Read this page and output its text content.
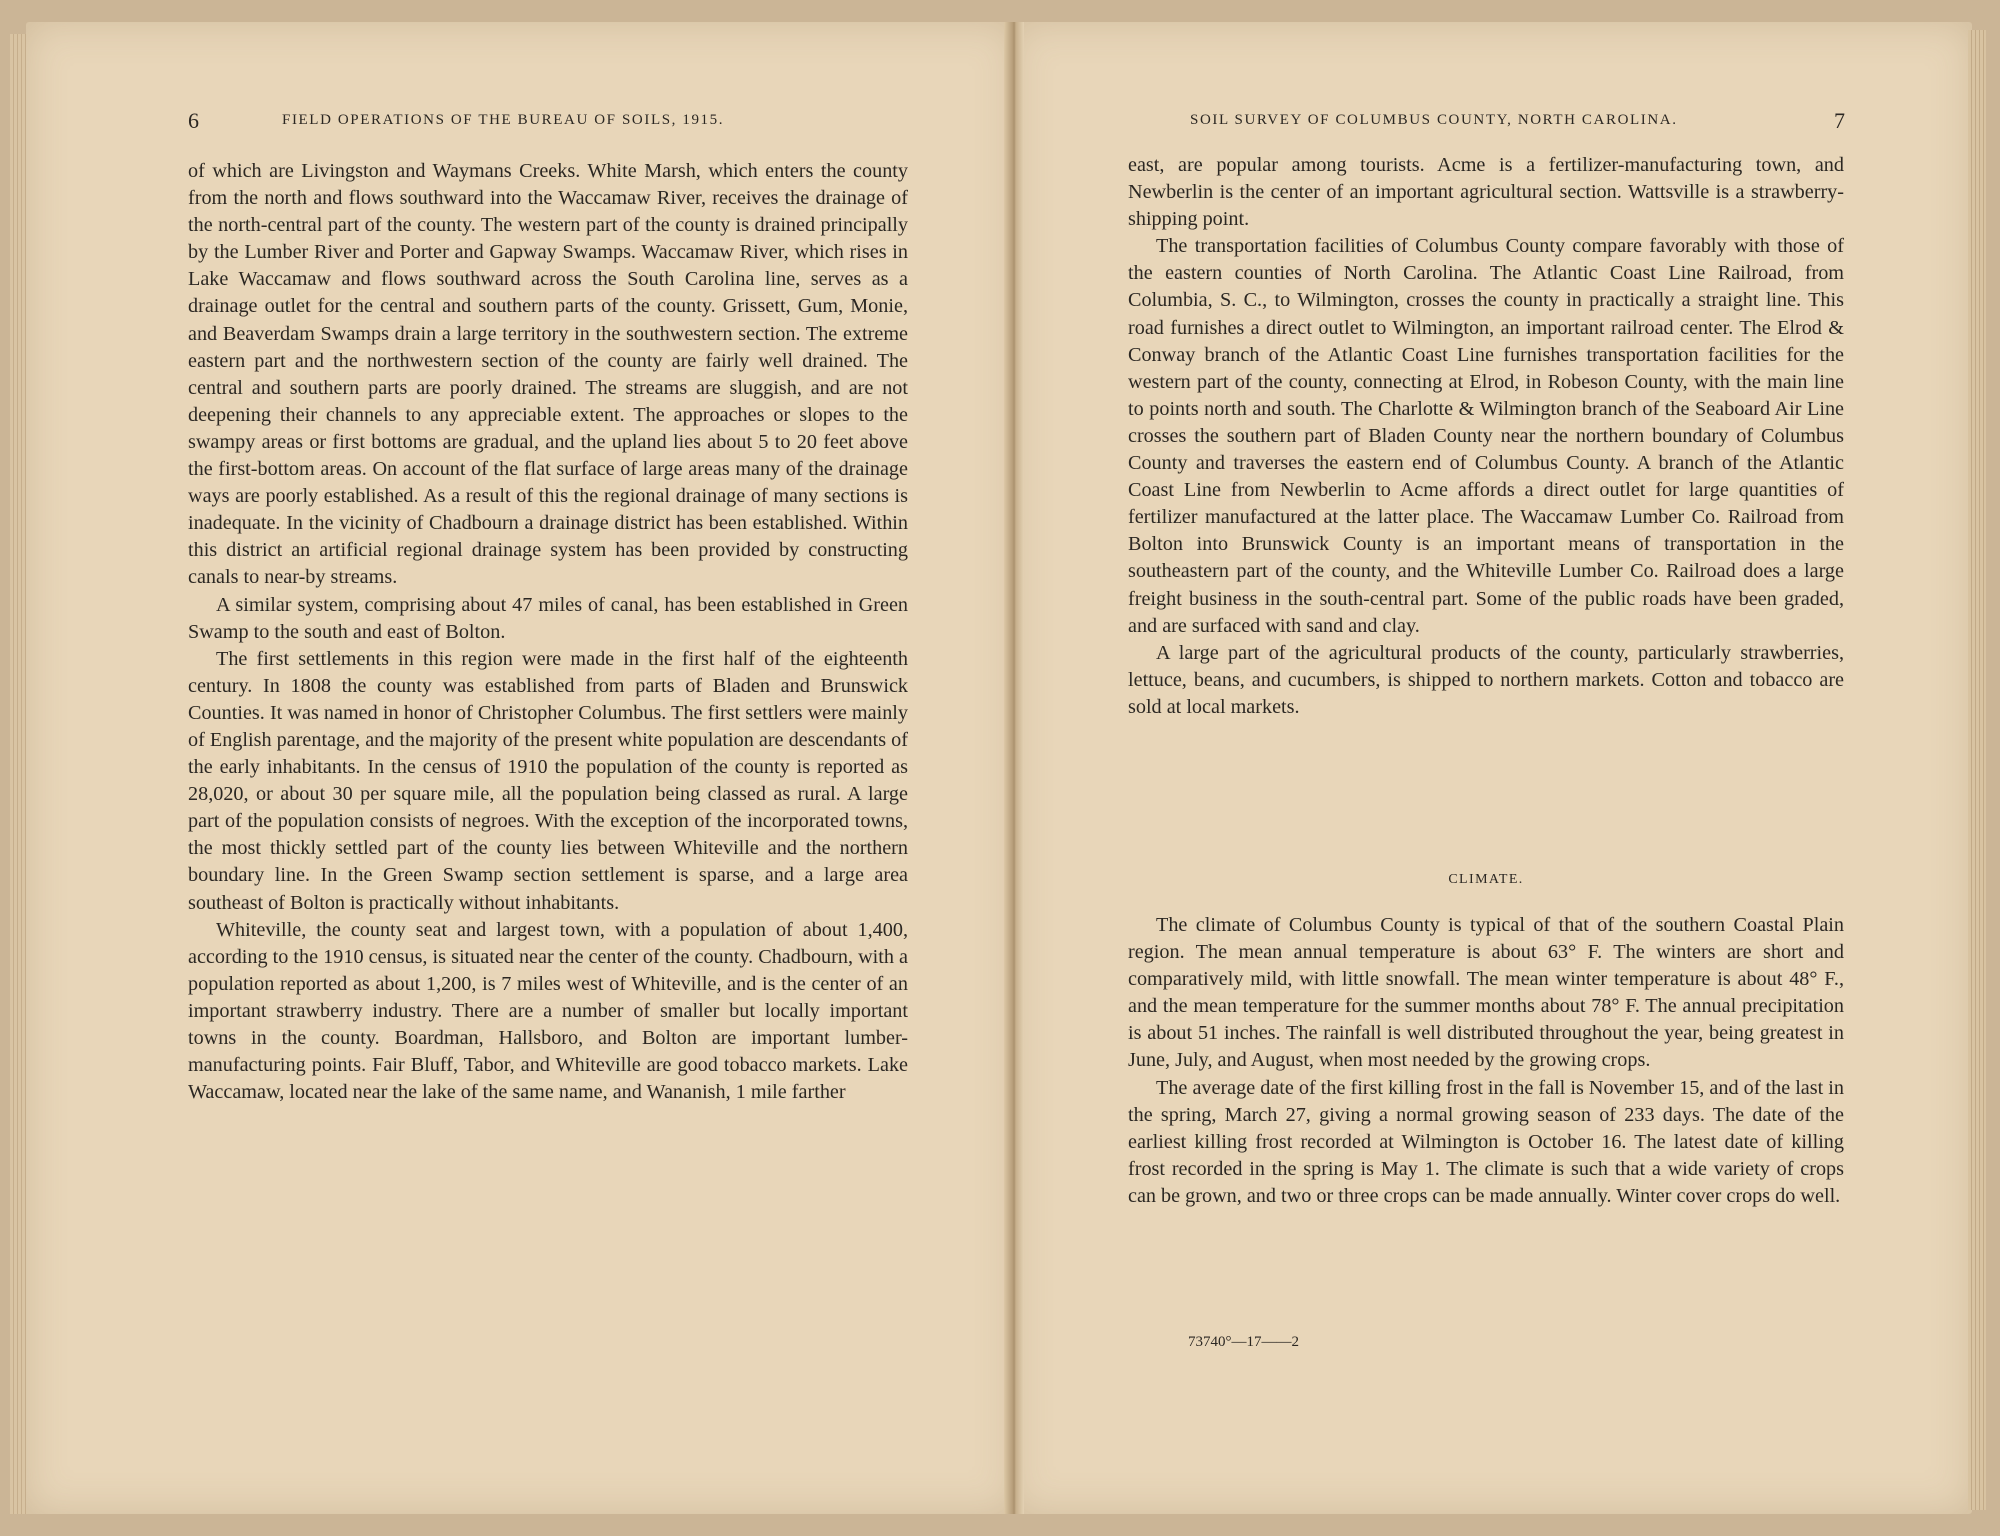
6	FIELD OPERATIONS OF THE BUREAU OF SOILS, 1915.

of which are Livingston and Waymans Creeks. White Marsh, which enters the county from the north and flows southward into the Waccamaw River, receives the drainage of the north-central part of the county. The western part of the county is drained principally by the Lumber River and Porter and Gapway Swamps. Waccamaw River, which rises in Lake Waccamaw and flows southward across the South Carolina line, serves as a drainage outlet for the central and southern parts of the county. Grissett, Gum, Monie, and Beaverdam Swamps drain a large territory in the southwestern section. The extreme eastern part and the northwestern section of the county are fairly well drained. The central and southern parts are poorly drained. The streams are sluggish, and are not deepening their channels to any appreciable extent. The approaches or slopes to the swampy areas or first bottoms are gradual, and the upland lies about 5 to 20 feet above the first-bottom areas. On account of the flat surface of large areas many of the drainage ways are poorly established. As a result of this the regional drainage of many sections is inadequate. In the vicinity of Chadbourn a drainage district has been established. Within this district an artificial regional drainage system has been provided by constructing canals to near-by streams.

A similar system, comprising about 47 miles of canal, has been established in Green Swamp to the south and east of Bolton.

The first settlements in this region were made in the first half of the eighteenth century. In 1808 the county was established from parts of Bladen and Brunswick Counties. It was named in honor of Christopher Columbus. The first settlers were mainly of English parentage, and the majority of the present white population are descendants of the early inhabitants. In the census of 1910 the population of the county is reported as 28,020, or about 30 per square mile, all the population being classed as rural. A large part of the population consists of negroes. With the exception of the incorporated towns, the most thickly settled part of the county lies between Whiteville and the northern boundary line. In the Green Swamp section settlement is sparse, and a large area southeast of Bolton is practically without inhabitants.

Whiteville, the county seat and largest town, with a population of about 1,400, according to the 1910 census, is situated near the center of the county. Chadbourn, with a population reported as about 1,200, is 7 miles west of Whiteville, and is the center of an important strawberry industry. There are a number of smaller but locally important towns in the county. Boardman, Hallsboro, and Bolton are important lumber-manufacturing points. Fair Bluff, Tabor, and Whiteville are good tobacco markets. Lake Waccamaw, located near the lake of the same name, and Wananish, 1 mile farther

SOIL SURVEY OF COLUMBUS COUNTY, NORTH CAROLINA.	7

east, are popular among tourists. Acme is a fertilizer-manufacturing town, and Newberlin is the center of an important agricultural section. Wattsville is a strawberry-shipping point.

The transportation facilities of Columbus County compare favorably with those of the eastern counties of North Carolina. The Atlantic Coast Line Railroad, from Columbia, S. C., to Wilmington, crosses the county in practically a straight line. This road furnishes a direct outlet to Wilmington, an important railroad center. The Elrod & Conway branch of the Atlantic Coast Line furnishes transportation facilities for the western part of the county, connecting at Elrod, in Robeson County, with the main line to points north and south. The Charlotte & Wilmington branch of the Seaboard Air Line crosses the southern part of Bladen County near the northern boundary of Columbus County and traverses the eastern end of Columbus County. A branch of the Atlantic Coast Line from Newberlin to Acme affords a direct outlet for large quantities of fertilizer manufactured at the latter place. The Waccamaw Lumber Co. Railroad from Bolton into Brunswick County is an important means of transportation in the southeastern part of the county, and the Whiteville Lumber Co. Railroad does a large freight business in the south-central part. Some of the public roads have been graded, and are surfaced with sand and clay.

A large part of the agricultural products of the county, particularly strawberries, lettuce, beans, and cucumbers, is shipped to northern markets. Cotton and tobacco are sold at local markets.

CLIMATE.

The climate of Columbus County is typical of that of the southern Coastal Plain region. The mean annual temperature is about 63° F. The winters are short and comparatively mild, with little snowfall. The mean winter temperature is about 48° F., and the mean temperature for the summer months about 78° F. The annual precipitation is about 51 inches. The rainfall is well distributed throughout the year, being greatest in June, July, and August, when most needed by the growing crops.

The average date of the first killing frost in the fall is November 15, and of the last in the spring, March 27, giving a normal growing season of 233 days. The date of the earliest killing frost recorded at Wilmington is October 16. The latest date of killing frost recorded in the spring is May 1. The climate is such that a wide variety of crops can be grown, and two or three crops can be made annually. Winter cover crops do well.

73740°—17——2
